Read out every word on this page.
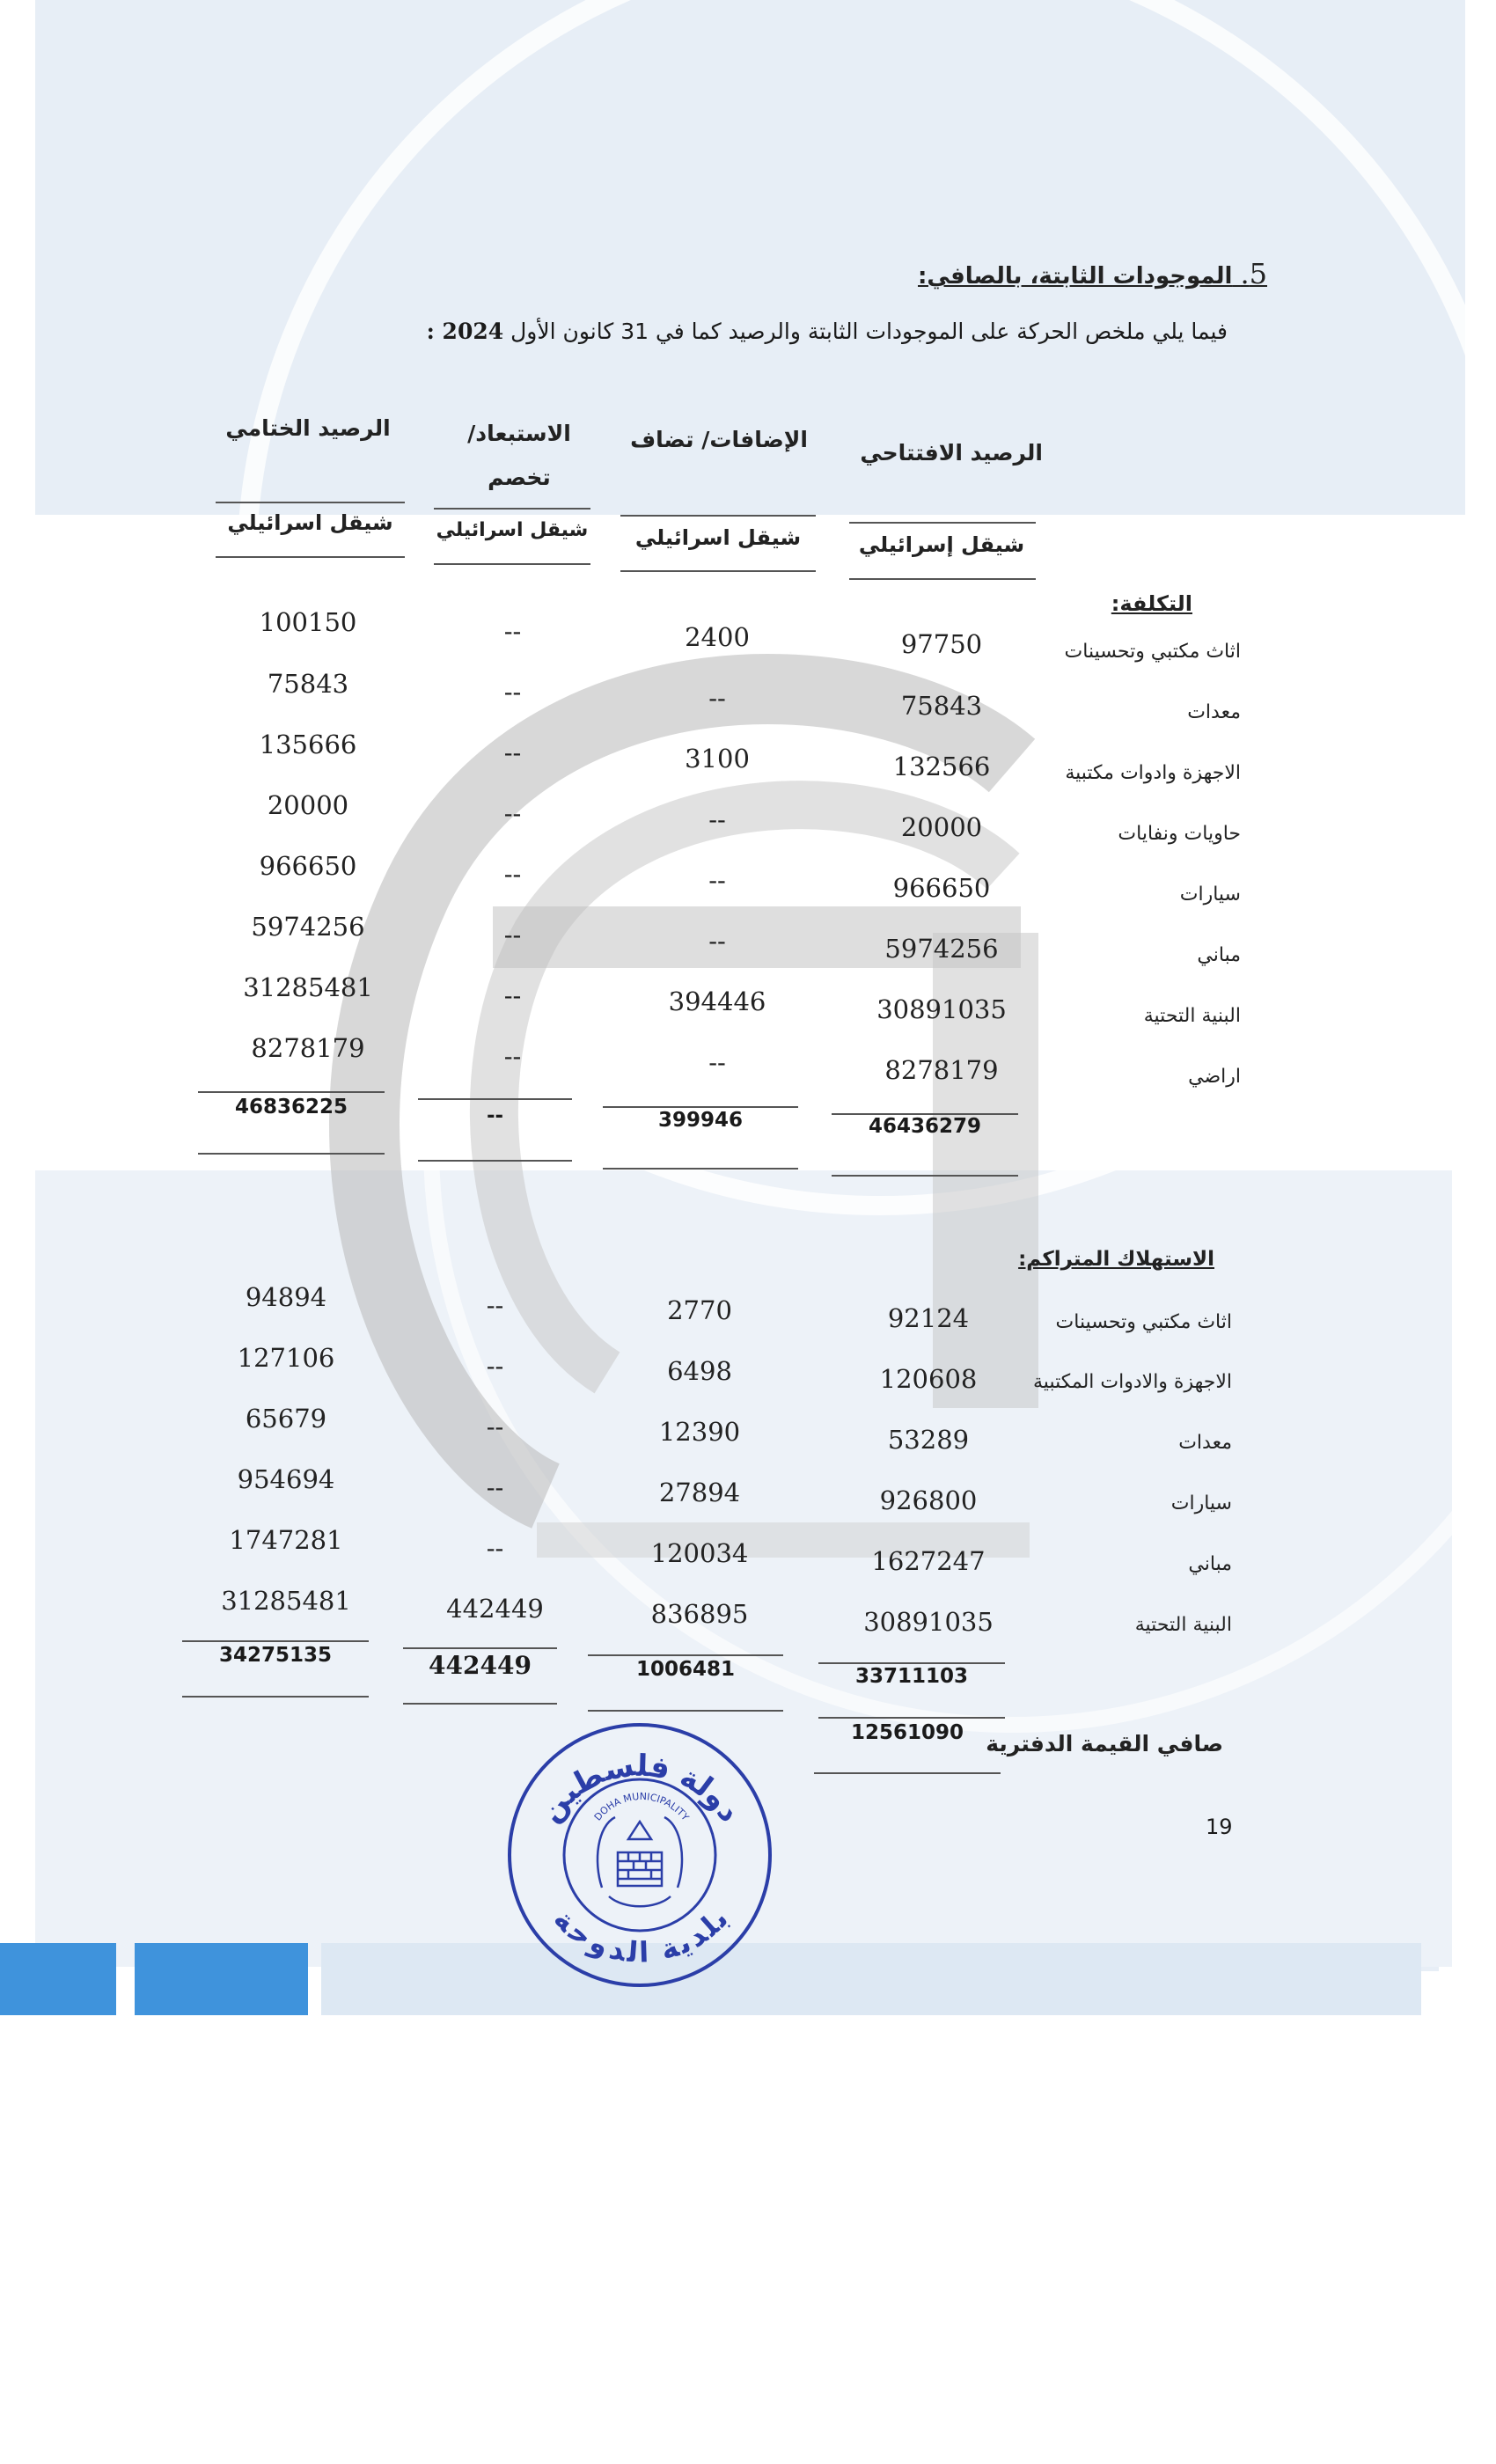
5. الموجودات الثابتة، بالصافي:
فيما يلي ملخص الحركة على الموجودات الثابتة والرصيد كما في 31 كانون الأول 2024 :
الرصيد الافتتاحي
الإضافات/ تضاف
الاستبعاد/
تخصم
الرصيد الختامي
شيقل إسرائيلي
شيقل اسرائيلي
شيقل اسرائيلي
شيقل اسرائيلي
التكلفة:
اثاث مكتبي وتحسينات
97750
2400
--
100150
معدات
75843
--
--
75843
الاجهزة وادوات مكتبية
132566
3100
--
135666
حاويات ونفايات
20000
--
--
20000
سيارات
966650
--
--
966650
مباني
5974256
--
--
5974256
البنية التحتية
30891035
394446
--
31285481
اراضي
8278179
--
--
8278179
46436279
399946
--
46836225
الاستهلاك المتراكم:
اثاث مكتبي وتحسينات
92124
2770
--
94894
الاجهزة والادوات المكتبية
120608
6498
--
127106
معدات
53289
12390
--
65679
سيارات
926800
27894
--
954694
مباني
1627247
120034
--
1747281
البنية التحتية
30891035
836895
442449
31285481
33711103
1006481
442449
34275135
12561090	صافي القيمة الدفترية
19
دولة فلسطين
بلدية الدوحة
DOHA MUNICIPALITY
